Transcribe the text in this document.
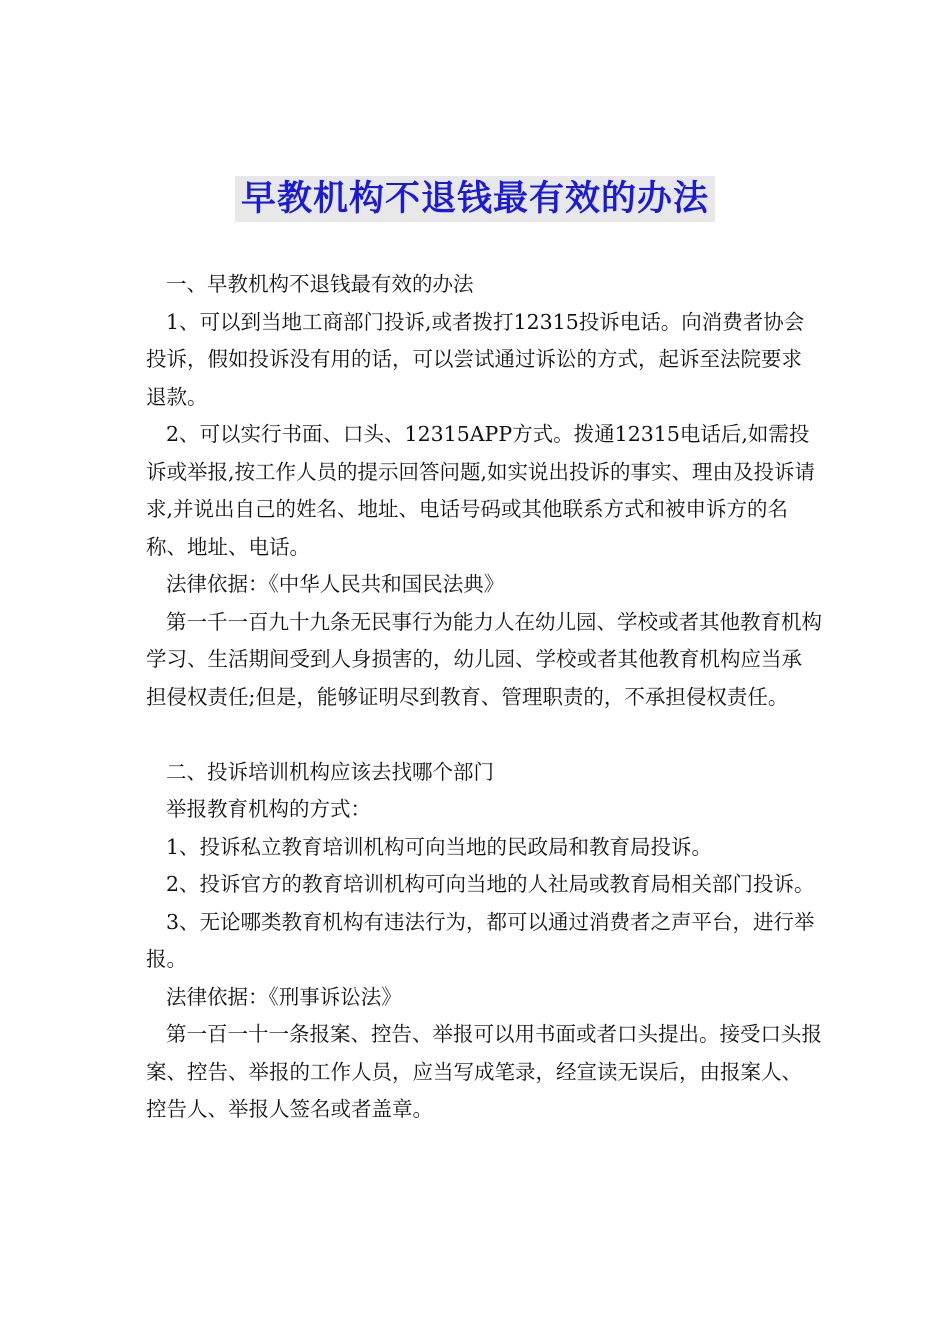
早教机构不退钱最有效的办法

一、早教机构不退钱最有效的办法

1、可以到当地工商部门投诉,或者拨打12315投诉电话。向消费者协会投诉，假如投诉没有用的话，可以尝试通过诉讼的方式，起诉至法院要求退款。

2、可以实行书面、口头、12315APP方式。拨通12315电话后,如需投诉或举报,按工作人员的提示回答问题,如实说出投诉的事实、理由及投诉请求,并说出自己的姓名、地址、电话号码或其他联系方式和被申诉方的名称、地址、电话。

法律依据：《中华人民共和国民法典》

第一千一百九十九条无民事行为能力人在幼儿园、学校或者其他教育机构学习、生活期间受到人身损害的，幼儿园、学校或者其他教育机构应当承担侵权责任;但是，能够证明尽到教育、管理职责的，不承担侵权责任。

二、投诉培训机构应该去找哪个部门

举报教育机构的方式：

1、投诉私立教育培训机构可向当地的民政局和教育局投诉。

2、投诉官方的教育培训机构可向当地的人社局或教育局相关部门投诉。

3、无论哪类教育机构有违法行为，都可以通过消费者之声平台，进行举报。

法律依据：《刑事诉讼法》

第一百一十一条报案、控告、举报可以用书面或者口头提出。接受口头报案、控告、举报的工作人员，应当写成笔录，经宣读无误后，由报案人、控告人、举报人签名或者盖章。
